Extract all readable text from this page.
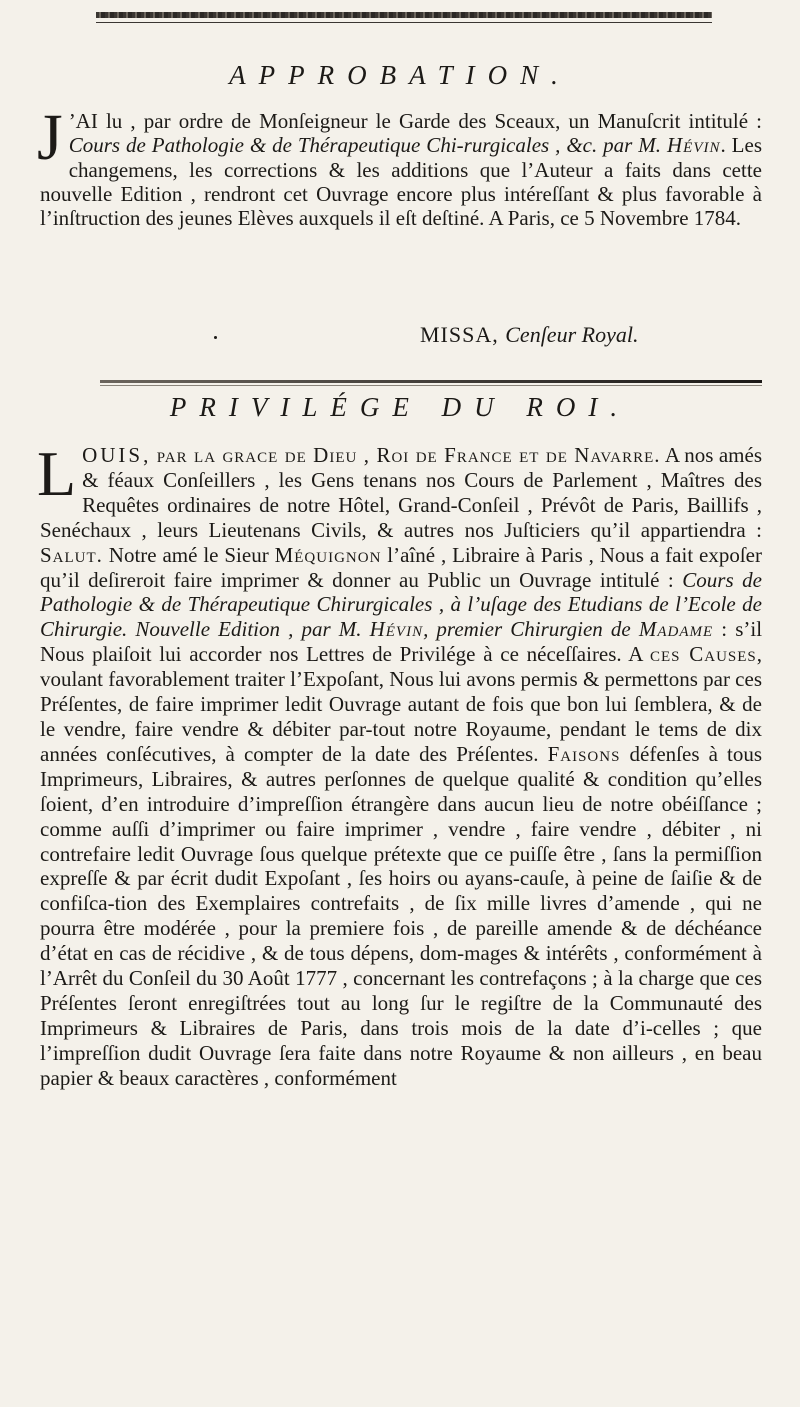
APPROBATION.
J ’AI lu , par ordre de Monſeigneur le Garde des Sceaux, un Manuſcrit intitulé : Cours de Pathologie & de Thérapeutique Chi-rurgicales , &c. par M. Hévin. Les changemens, les corrections & les additions que l’Auteur a faits dans cette nouvelle Edition , rendront cet Ouvrage encore plus intéreſſant & plus favorable à l’inſtruction des jeunes Elèves auxquels il eſt deſtiné. A Paris, ce 5 Novembre 1784.
MISSA, Cenſeur Royal.
PRIVILÉGE DU ROI.
LOUIS, par la grace de Dieu , Roi de France et de Navarre. A nos amés & féaux Conſeillers , les Gens tenans nos Cours de Parlement , Maîtres des Requêtes ordinaires de notre Hôtel, Grand-Conſeil , Prévôt de Paris, Baillifs , Senéchaux , leurs Lieutenans Civils, & autres nos Juſticiers qu’il appartiendra : Salut. Notre amé le Sieur Méquignon l’aîné , Libraire à Paris , Nous a fait expoſer qu’il deſireroit faire imprimer & donner au Public un Ouvrage intitulé : Cours de Pathologie & de Thérapeutique Chirurgicales , à l’uſage des Etudians de l’Ecole de Chirurgie. Nouvelle Edition , par M. Hévin, premier Chirurgien de Madame : s’il Nous plaiſoit lui accorder nos Lettres de Privilége à ce néceſſaires. A ces Causes, voulant favorablement traiter l’Expoſant, Nous lui avons permis & permettons par ces Préſentes, de faire imprimer ledit Ouvrage autant de fois que bon lui ſemblera, & de le vendre, faire vendre & débiter par-tout notre Royaume, pendant le tems de dix années conſécutives, à compter de la date des Préſentes. Faisons défenſes à tous Imprimeurs, Libraires, & autres perſonnes de quelque qualité & condition qu’elles ſoient, d’en introduire d’impreſſion étrangère dans aucun lieu de notre obéiſſance ; comme auſſi d’imprimer ou faire imprimer , vendre , faire vendre , débiter , ni contrefaire ledit Ouvrage ſous quelque prétexte que ce puiſſe être , ſans la permiſſion expreſſe & par écrit dudit Expoſant , ſes hoirs ou ayans-cauſe, à peine de ſaiſie & de confiſca-tion des Exemplaires contrefaits , de ſix mille livres d’amende , qui ne pourra être modérée , pour la premiere fois , de pareille amende & de déchéance d’état en cas de récidive , & de tous dépens, dom-mages & intérêts , conformément à l’Arrêt du Conſeil du 30 Août 1777 , concernant les contrefaçons ; à la charge que ces Préſentes ſeront enregiſtrées tout au long ſur le regiſtre de la Communauté des Imprimeurs & Libraires de Paris, dans trois mois de la date d’i-celles ; que l’impreſſion dudit Ouvrage ſera faite dans notre Royaume & non ailleurs , en beau papier & beaux caractères , conformément
